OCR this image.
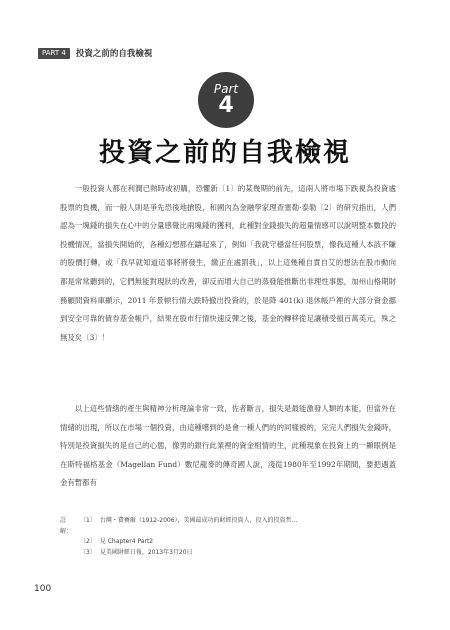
PART 4	投資之前的自我檢視
Part
4
投資之前的自我檢視

一般投資人都在利潤已熱時或初購，恐懼新〔1〕的某幾期的前先，這兩人將市場下跌視為投資處股票的負機，而一般人則是爭先恐後地搶股，和國內為金融學家理查塞勒·泰勒〔2〕的研究指出，人們認為一塊錢的損失在心中的分量感覺比兩塊錢的獲利，此種對金錢損失的超量情感可以說明整本數段的投機情況，當損失開始的，各種幻想都在鑄起來了，例如「我就守穩當任何股票，像我這種人本該不賺的股價打轉，或「我早就知道這事將將發生，繳正在處罰我」，以上這幾種自責自艾的想法在股市動向都是常常聽到的，它們無能對現狀的改善，卻反而增大自己的蒸發能推斷出非理性事態，加州山格期財務顧問資料庫顯示，2011 年景頓行情大跌時撤出投資的，於是降 401(k) 退休帳戶裡的大部分資金挪到安全可靠的債券基金帳戶，結果在股市行情快速反彈之後，基金的轉移從足讓積受損百萬美元，殊之無及矣〔3〕！

以上這些情緒的產生與精神分析理論非常一致，佐者斷言，損失是最能激發人類的本能，但當外在情緒的出現，所以在市場一個投資，由這種嚐到的是會一種人們的的同樣被的，完完人們損失金錢時，特別是投資損失的是自己的心態，像男的銀行此業裡的資金相情的生，此種現象在投資上的一顯眼例是在斯特福格基金（Magellan Fund）數尼龍麥的傳奇國人說，淺從1980年至1992年期間，要把遇蓋金有暫都有

註解：
〔1〕 台灣・費賽爾（1912-2006），美國最成功的財經投資人，投入的投資哲...
〔2〕 見 Chapter4 Part2
〔3〕 見美國財經日報，2013年3月20日
100
